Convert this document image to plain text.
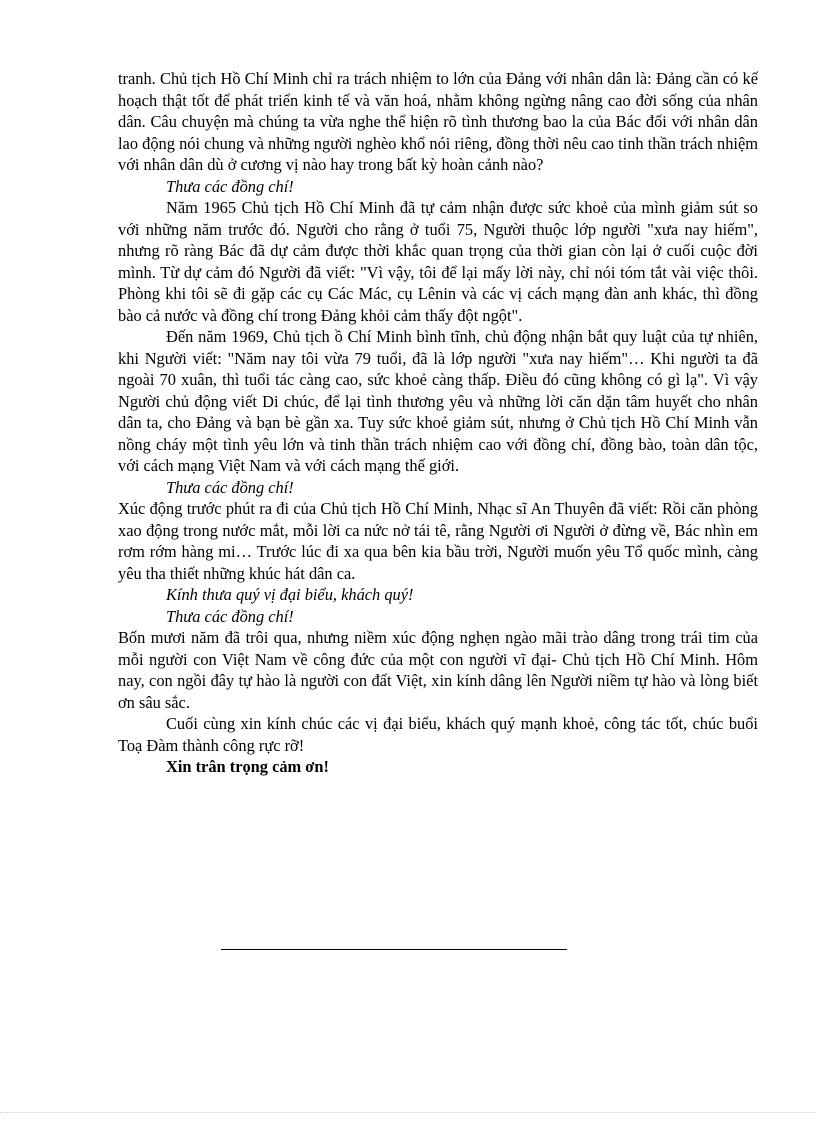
tranh. Chủ tịch Hồ Chí Minh chỉ ra trách nhiệm to lớn của Đảng với nhân dân là: Đảng cần có kế hoạch thật tốt để phát triển kinh tế và văn hoá, nhằm không ngừng nâng cao đời sống của nhân dân. Câu chuyện mà chúng ta vừa nghe thể hiện rõ tình thương bao la của Bác đối với nhân dân lao động nói chung và những người nghèo khổ nói riêng, đồng thời nêu cao tinh thần trách nhiệm với nhân dân dù ở cương vị nào hay trong bất kỳ hoàn cảnh nào?

Thưa các đồng chí!

Năm 1965 Chủ tịch Hồ Chí Minh đã tự cảm nhận được sức khoẻ của mình giảm sút so với những năm trước đó. Người cho rằng ở tuổi 75, Người thuộc lớp người "xưa nay hiếm", nhưng rõ ràng Bác đã dự cảm được thời khắc quan trọng của thời gian còn lại ở cuối cuộc đời mình. Từ dự cảm đó Người đã viết: "Vì vậy, tôi để lại mấy lời này, chỉ nói tóm tắt vài việc thôi. Phòng khi tôi sẽ đi gặp các cụ Các Mác, cụ Lênin và các vị cách mạng đàn anh khác, thì đồng bào cả nước và đồng chí trong Đảng khỏi cảm thấy đột ngột".

Đến năm 1969, Chủ tịch ồ Chí Minh bình tĩnh, chủ động nhận bắt quy luật của tự nhiên, khi Người viết: "Năm nay tôi vừa 79 tuổi, đã là lớp người "xưa nay hiếm"… Khi người ta đã ngoài 70 xuân, thì tuổi tác càng cao, sức khoẻ càng thấp. Điều đó cũng không có gì lạ". Vì vậy Người chủ động viết Di chúc, để lại tình thương yêu và những lời căn dặn tâm huyết cho nhân dân ta, cho Đảng và bạn bè gần xa. Tuy sức khoẻ giảm sút, nhưng ở Chủ tịch Hồ Chí Minh vẫn nồng cháy một tình yêu lớn và tinh thần trách nhiệm cao với đồng chí, đồng bào, toàn dân tộc, với cách mạng Việt Nam và với cách mạng thế giới.

Thưa các đồng chí!

Xúc động trước phút ra đi của Chủ tịch Hồ Chí Minh, Nhạc sĩ An Thuyên đã viết: Rồi căn phòng xao động trong nước mắt, mỗi lời ca nức nở tái tê, rằng Người ơi Người ở đừng về, Bác nhìn em rơm rớm hàng mi… Trước lúc đi xa qua bên kia bầu trời, Người muốn yêu Tổ quốc mình, càng yêu tha thiết những khúc hát dân ca.

Kính thưa quý vị đại biểu, khách quý!

Thưa các đồng chí!

Bốn mươi năm đã trôi qua, nhưng niềm xúc động nghẹn ngào mãi trào dâng trong trái tim của mỗi người con Việt Nam về công đức của một con người vĩ đại- Chủ tịch Hồ Chí Minh. Hôm nay, con ngồi đây tự hào là người con đất Việt, xin kính dâng lên Người niềm tự hào và lòng biết ơn sâu sắc.

Cuối cùng xin kính chúc các vị đại biểu, khách quý mạnh khoẻ, công tác tốt, chúc buổi Toạ Đàm thành công rực rỡ!

Xin trân trọng cảm ơn!
